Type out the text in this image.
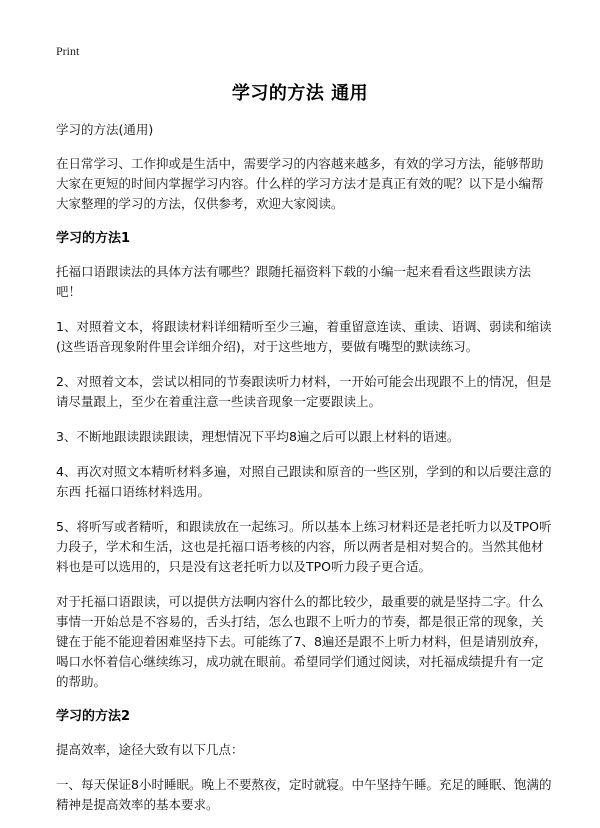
Print
学习的方法 通用
学习的方法(通用)
在日常学习、工作抑或是生活中，需要学习的内容越来越多，有效的学习方法，能够帮助大家在更短的时间内掌握学习内容。什么样的学习方法才是真正有效的呢？以下是小编帮大家整理的学习的方法，仅供参考，欢迎大家阅读。
学习的方法1
托福口语跟读法的具体方法有哪些？跟随托福资料下载的小编一起来看看这些跟读方法吧！
1、对照着文本，将跟读材料详细精听至少三遍，着重留意连读、重读、语调、弱读和缩读(这些语音现象附件里会详细介绍)，对于这些地方，要做有嘴型的默读练习。
2、对照着文本，尝试以相同的节奏跟读听力材料，一开始可能会出现跟不上的情况，但是请尽量跟上，至少在着重注意一些读音现象一定要跟读上。
3、不断地跟读跟读跟读，理想情况下平均8遍之后可以跟上材料的语速。
4、再次对照文本精听材料多遍，对照自己跟读和原音的一些区别，学到的和以后要注意的东西 托福口语练材料选用。
5、将听写或者精听，和跟读放在一起练习。所以基本上练习材料还是老托听力以及TPO听力段子，学术和生活，这也是托福口语考核的内容，所以两者是相对契合的。当然其他材料也是可以选用的，只是没有这老托听力以及TPO听力段子更合适。
对于托福口语跟读，可以提供方法啊内容什么的都比较少，最重要的就是坚持二字。什么事情一开始总是不容易的，舌头打结，怎么也跟不上听力的节奏，都是很正常的现象，关键在于能不能迎着困难坚持下去。可能练了7、8遍还是跟不上听力材料，但是请别放弃，喝口水怀着信心继续练习，成功就在眼前。希望同学们通过阅读，对托福成绩提升有一定的帮助。
学习的方法2
提高效率，途径大致有以下几点：
一、每天保证8小时睡眠。晚上不要熬夜，定时就寝。中午坚持午睡。充足的睡眠、饱满的精神是提高效率的基本要求。
